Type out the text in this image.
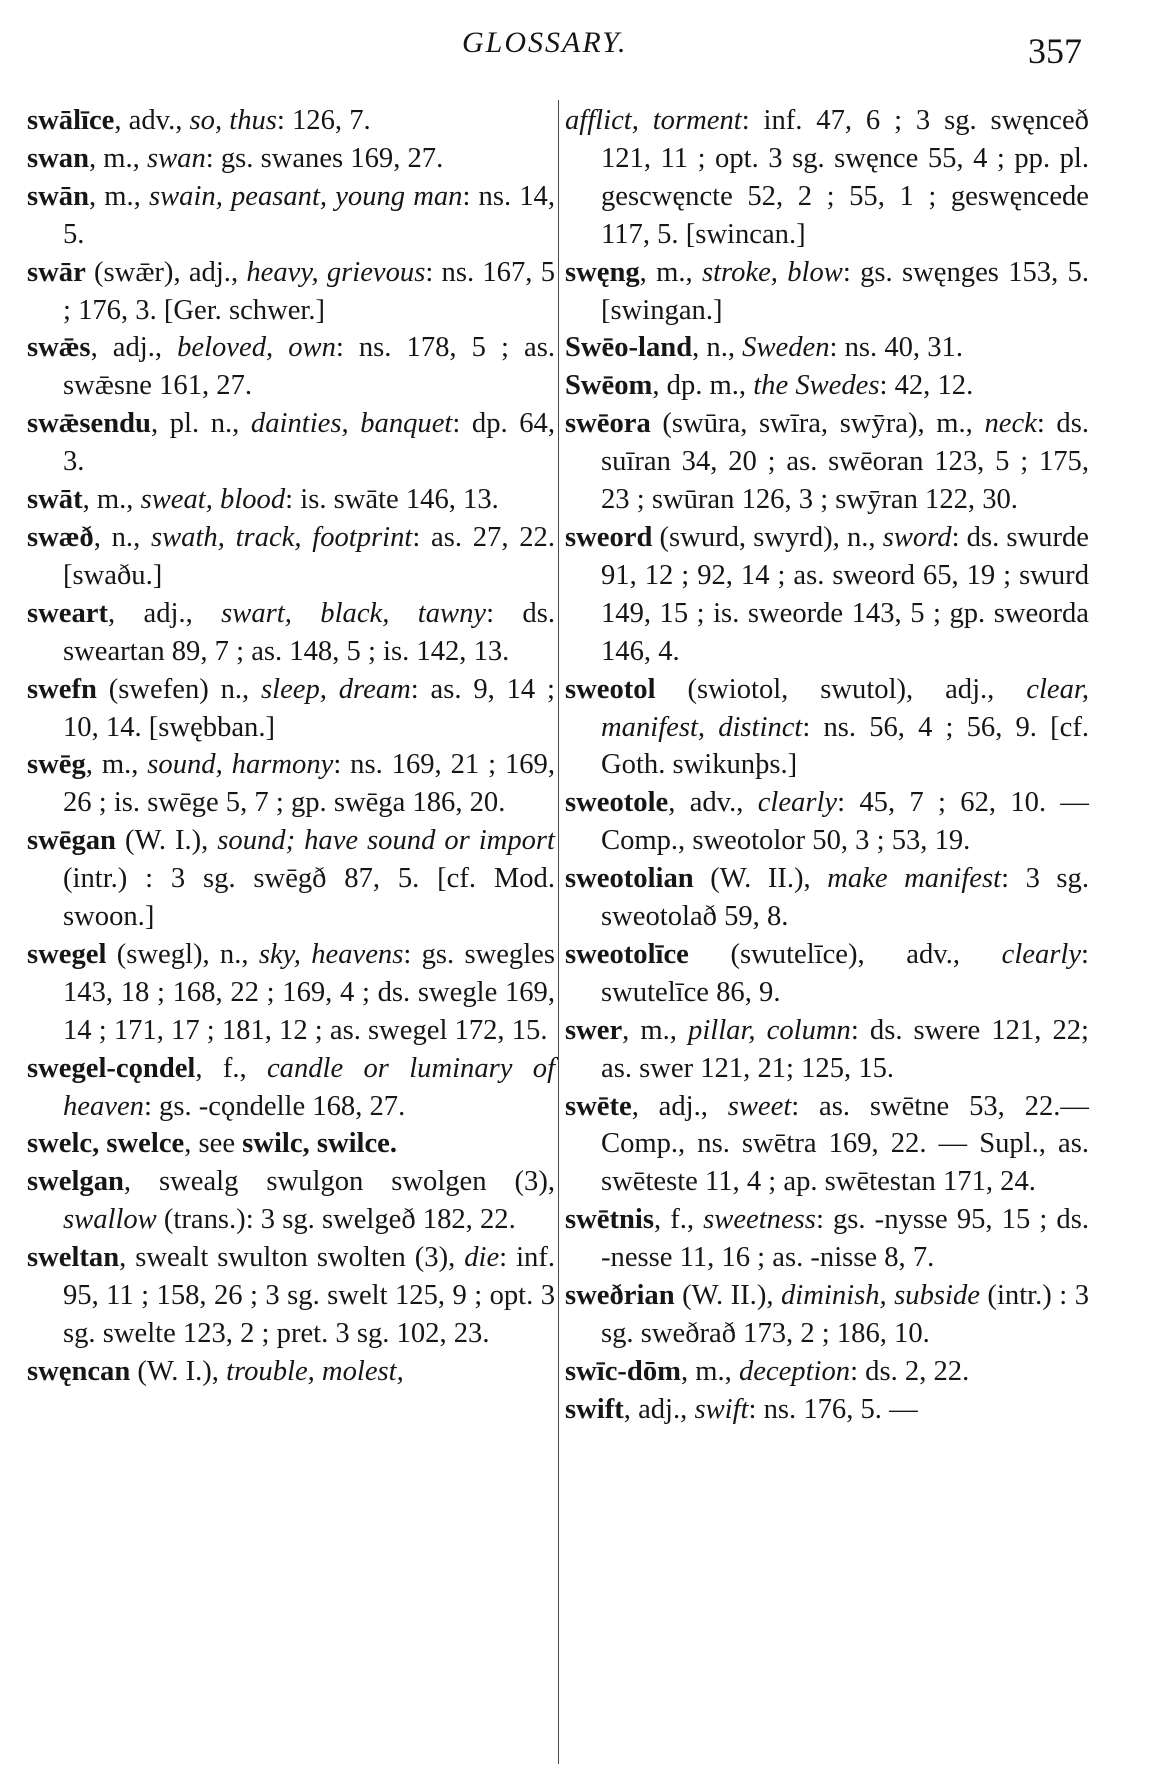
GLOSSARY.	357

swālīce, adv., so, thus: 126, 7.

swan, m., swan: gs. swanes 169, 27.

swān, m., swain, peasant, young man: ns. 14, 5.

swār (swǣr), adj., heavy, grievous: ns. 167, 5 ; 176, 3. [Ger. schwer.]

swǣs, adj., beloved, own: ns. 178, 5 ; as. swǣsne 161, 27.

swǣsendu, pl. n., dainties, banquet: dp. 64, 3.

swāt, m., sweat, blood: is. swāte 146, 13.

swæð, n., swath, track, footprint: as. 27, 22. [swaðu.]

sweart, adj., swart, black, tawny: ds. sweartan 89, 7 ; as. 148, 5 ; is. 142, 13.

swefn (swefen) n., sleep, dream: as. 9, 14 ; 10, 14. [swębban.]

swēg, m., sound, harmony: ns. 169, 21 ; 169, 26 ; is. swēge 5, 7 ; gp. swēga 186, 20.

swēgan (W. I.), sound; have sound or import (intr.) : 3 sg. swēgð 87, 5. [cf. Mod. swoon.]

swegel (swegl), n., sky, heavens: gs. swegles 143, 18 ; 168, 22 ; 169, 4 ; ds. swegle 169, 14 ; 171, 17 ; 181, 12 ; as. swegel 172, 15.

swegel-cǫndel, f., candle or luminary of heaven: gs. -cǫndelle 168, 27.

swelc, swelce, see swilc, swilce.

swelgan, swealg swulgon swolgen (3), swallow (trans.): 3 sg. swelgeð 182, 22.

sweltan, swealt swulton swolten (3), die: inf. 95, 11 ; 158, 26 ; 3 sg. swelt 125, 9 ; opt. 3 sg. swelte 123, 2 ; pret. 3 sg. 102, 23.

swęncan (W. I.), trouble, molest,

afflict, torment: inf. 47, 6 ; 3 sg. swęnceð 121, 11 ; opt. 3 sg. swęnce 55, 4 ; pp. pl. gescwęncte 52, 2 ; 55, 1 ; geswęncede 117, 5. [swincan.]

swęng, m., stroke, blow: gs. swęnges 153, 5. [swingan.]

Swēo-land, n., Sweden: ns. 40, 31.

Swēom, dp. m., the Swedes: 42, 12.

swēora (swūra, swīra, swȳra), m., neck: ds. suīran 34, 20 ; as. swēoran 123, 5 ; 175, 23 ; swūran 126, 3 ; swȳran 122, 30.

sweord (swurd, swyrd), n., sword: ds. swurde 91, 12 ; 92, 14 ; as. sweord 65, 19 ; swurd 149, 15 ; is. sweorde 143, 5 ; gp. sweorda 146, 4.

sweotol (swiotol, swutol), adj., clear, manifest, distinct: ns. 56, 4 ; 56, 9. [cf. Goth. swikunþs.]

sweotole, adv., clearly: 45, 7 ; 62, 10. — Comp., sweotolor 50, 3 ; 53, 19.

sweotolian (W. II.), make manifest: 3 sg. sweotolað 59, 8.

sweotolīce (swutelīce), adv., clearly: swutelīce 86, 9.

swer, m., pillar, column: ds. swere 121, 22; as. swer 121, 21; 125, 15.

swēte, adj., sweet: as. swētne 53, 22.— Comp., ns. swētra 169, 22. — Supl., as. swēteste 11, 4 ; ap. swētestan 171, 24.

swētnis, f., sweetness: gs. -nysse 95, 15 ; ds. -nesse 11, 16 ; as. -nisse 8, 7.

sweðrian (W. II.), diminish, subside (intr.) : 3 sg. sweðrað 173, 2 ; 186, 10.

swīc-dōm, m., deception: ds. 2, 22.

swift, adj., swift: ns. 176, 5. —
